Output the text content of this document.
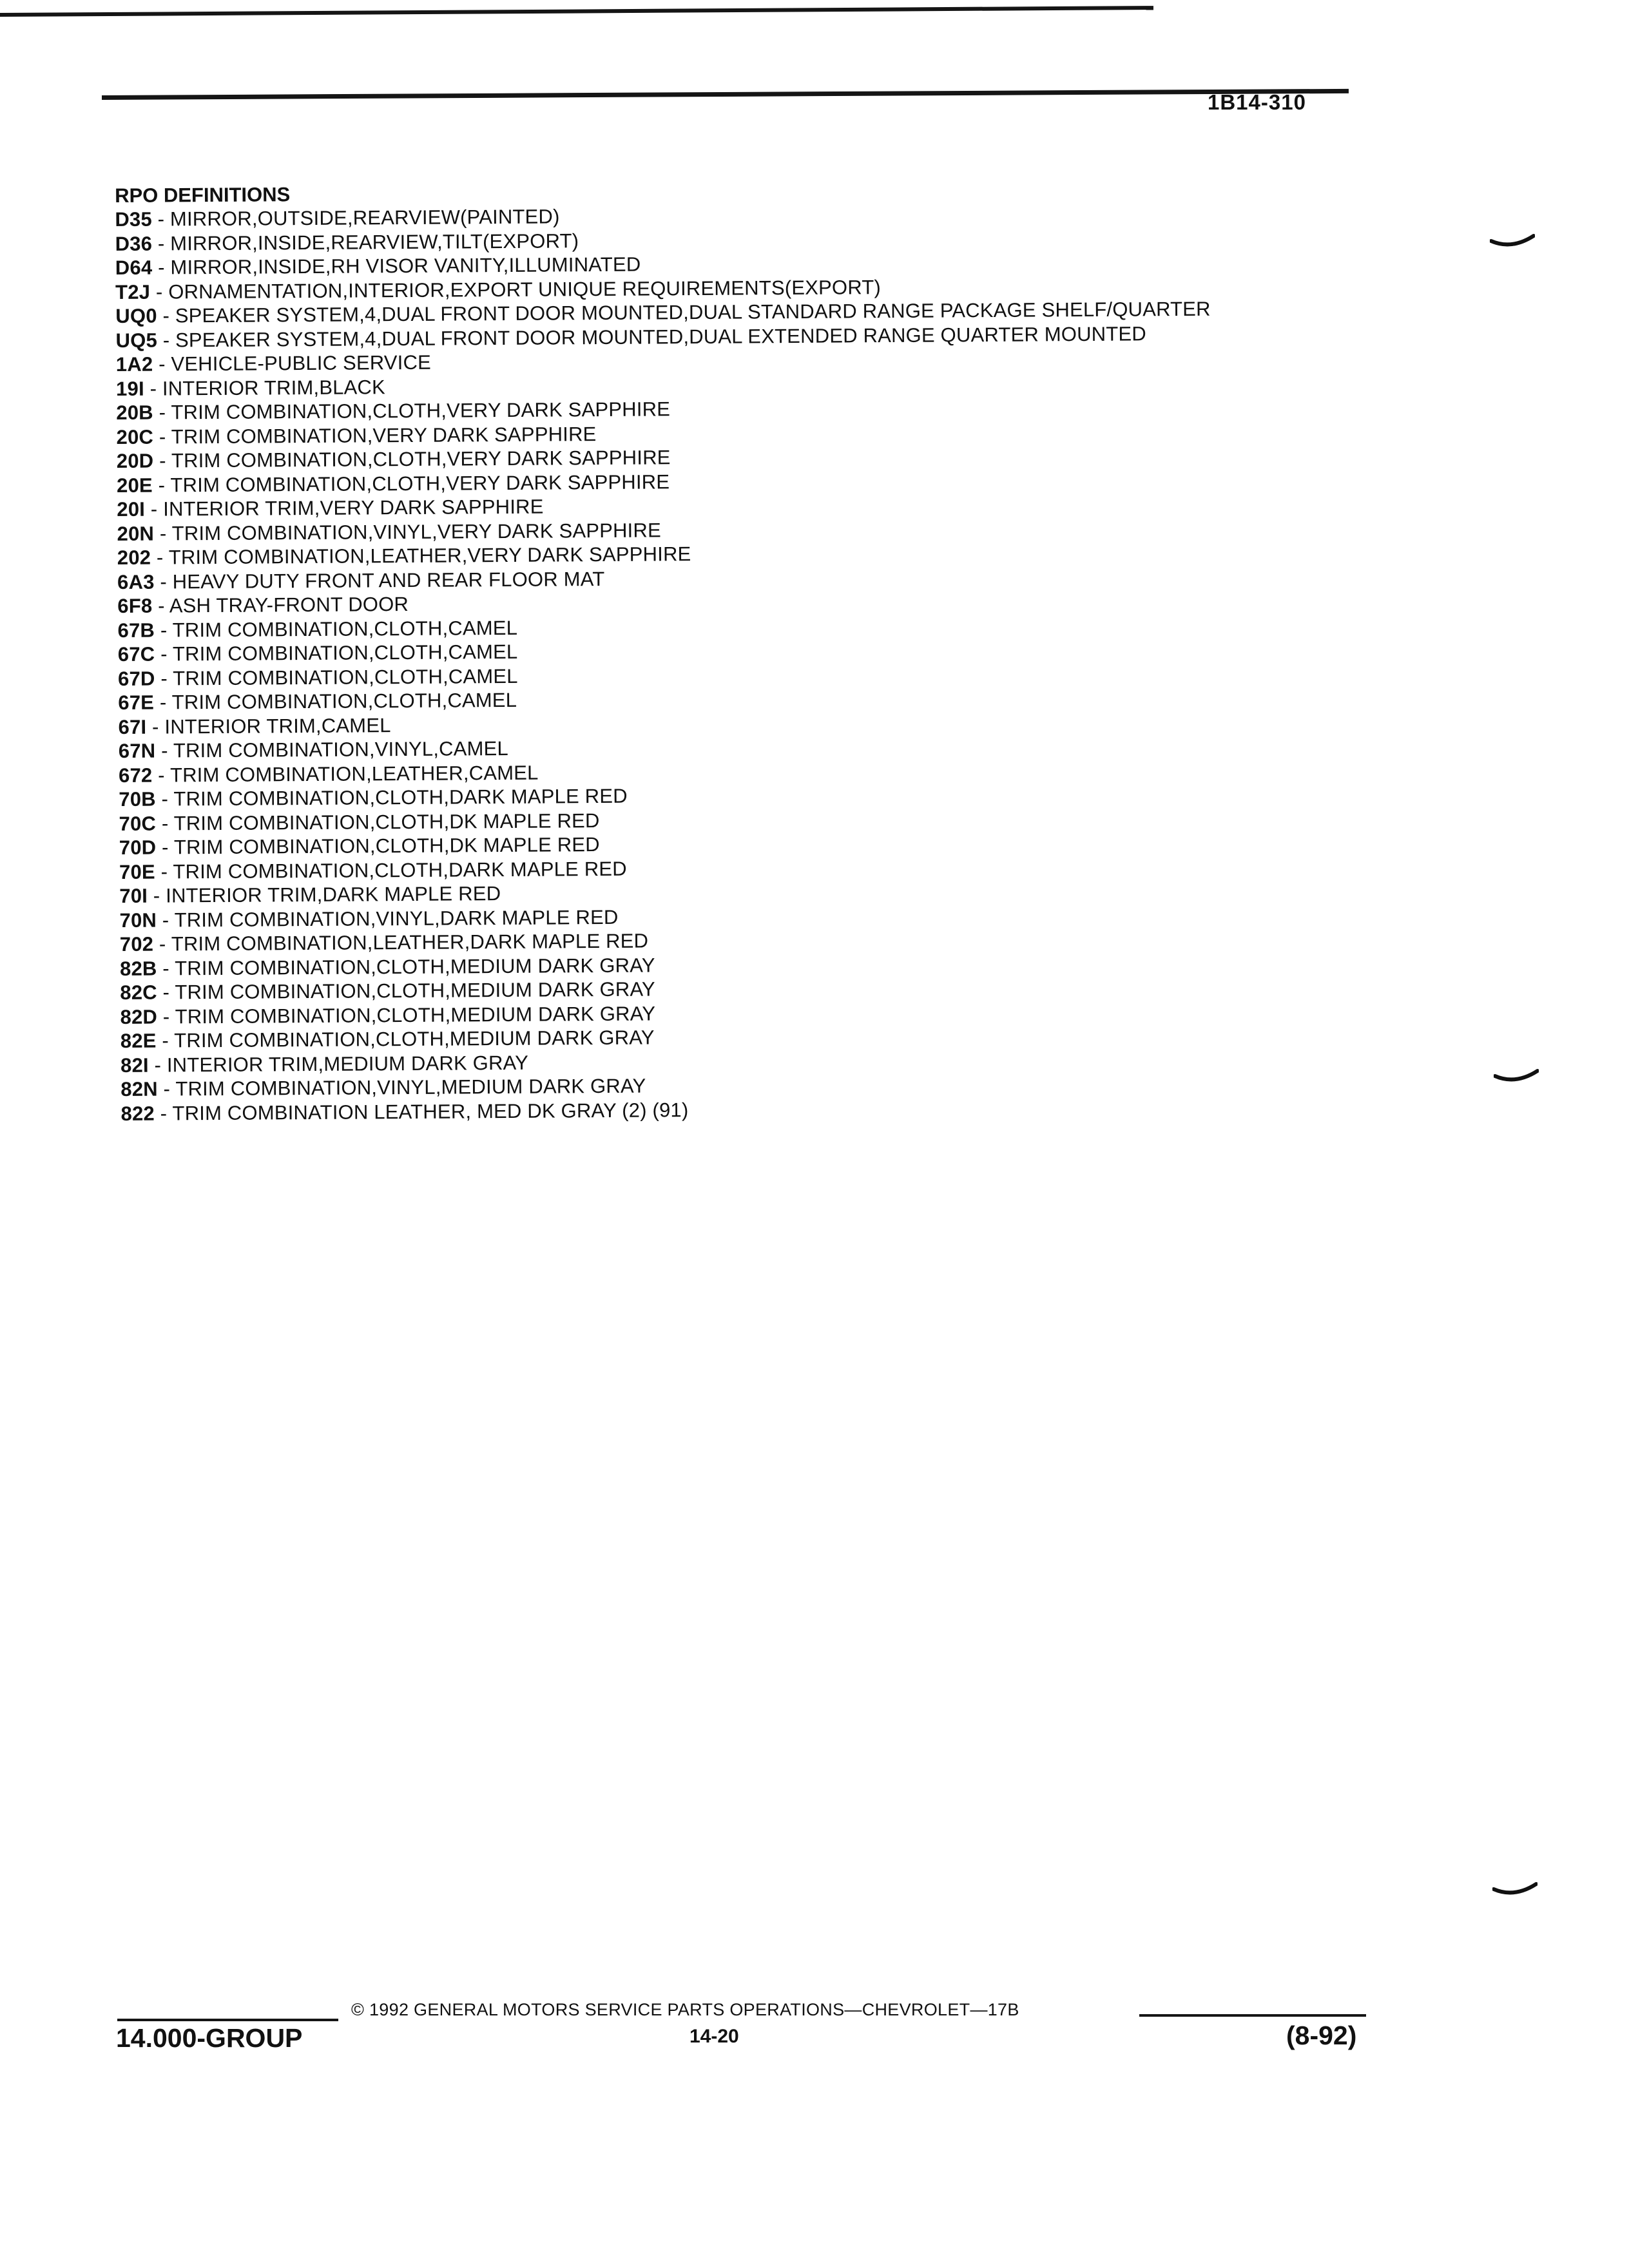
1B14-310
RPO DEFINITIONS
D35 - MIRROR,OUTSIDE,REARVIEW(PAINTED)
D36 - MIRROR,INSIDE,REARVIEW,TILT(EXPORT)
D64 - MIRROR,INSIDE,RH VISOR VANITY,ILLUMINATED
T2J - ORNAMENTATION,INTERIOR,EXPORT UNIQUE REQUIREMENTS(EXPORT)
UQ0 - SPEAKER SYSTEM,4,DUAL FRONT DOOR MOUNTED,DUAL STANDARD RANGE PACKAGE SHELF/QUARTER
UQ5 - SPEAKER SYSTEM,4,DUAL FRONT DOOR MOUNTED,DUAL EXTENDED RANGE QUARTER MOUNTED
1A2 - VEHICLE-PUBLIC SERVICE
19I - INTERIOR TRIM,BLACK
20B - TRIM COMBINATION,CLOTH,VERY DARK SAPPHIRE
20C - TRIM COMBINATION,VERY DARK SAPPHIRE
20D - TRIM COMBINATION,CLOTH,VERY DARK SAPPHIRE
20E - TRIM COMBINATION,CLOTH,VERY DARK SAPPHIRE
20I - INTERIOR TRIM,VERY DARK SAPPHIRE
20N - TRIM COMBINATION,VINYL,VERY DARK SAPPHIRE
202 - TRIM COMBINATION,LEATHER,VERY DARK SAPPHIRE
6A3 - HEAVY DUTY FRONT AND REAR FLOOR MAT
6F8 - ASH TRAY-FRONT DOOR
67B - TRIM COMBINATION,CLOTH,CAMEL
67C - TRIM COMBINATION,CLOTH,CAMEL
67D - TRIM COMBINATION,CLOTH,CAMEL
67E - TRIM COMBINATION,CLOTH,CAMEL
67I - INTERIOR TRIM,CAMEL
67N - TRIM COMBINATION,VINYL,CAMEL
672 - TRIM COMBINATION,LEATHER,CAMEL
70B - TRIM COMBINATION,CLOTH,DARK MAPLE RED
70C - TRIM COMBINATION,CLOTH,DK MAPLE RED
70D - TRIM COMBINATION,CLOTH,DK MAPLE RED
70E - TRIM COMBINATION,CLOTH,DARK MAPLE RED
70I - INTERIOR TRIM,DARK MAPLE RED
70N - TRIM COMBINATION,VINYL,DARK MAPLE RED
702 - TRIM COMBINATION,LEATHER,DARK MAPLE RED
82B - TRIM COMBINATION,CLOTH,MEDIUM DARK GRAY
82C - TRIM COMBINATION,CLOTH,MEDIUM DARK GRAY
82D - TRIM COMBINATION,CLOTH,MEDIUM DARK GRAY
82E - TRIM COMBINATION,CLOTH,MEDIUM DARK GRAY
82I - INTERIOR TRIM,MEDIUM DARK GRAY
82N - TRIM COMBINATION,VINYL,MEDIUM DARK GRAY
822 - TRIM COMBINATION LEATHER, MED DK GRAY (2) (91)
© 1992 GENERAL MOTORS SERVICE PARTS OPERATIONS—CHEVROLET—17B
14.000-GROUP	14-20	(8-92)
